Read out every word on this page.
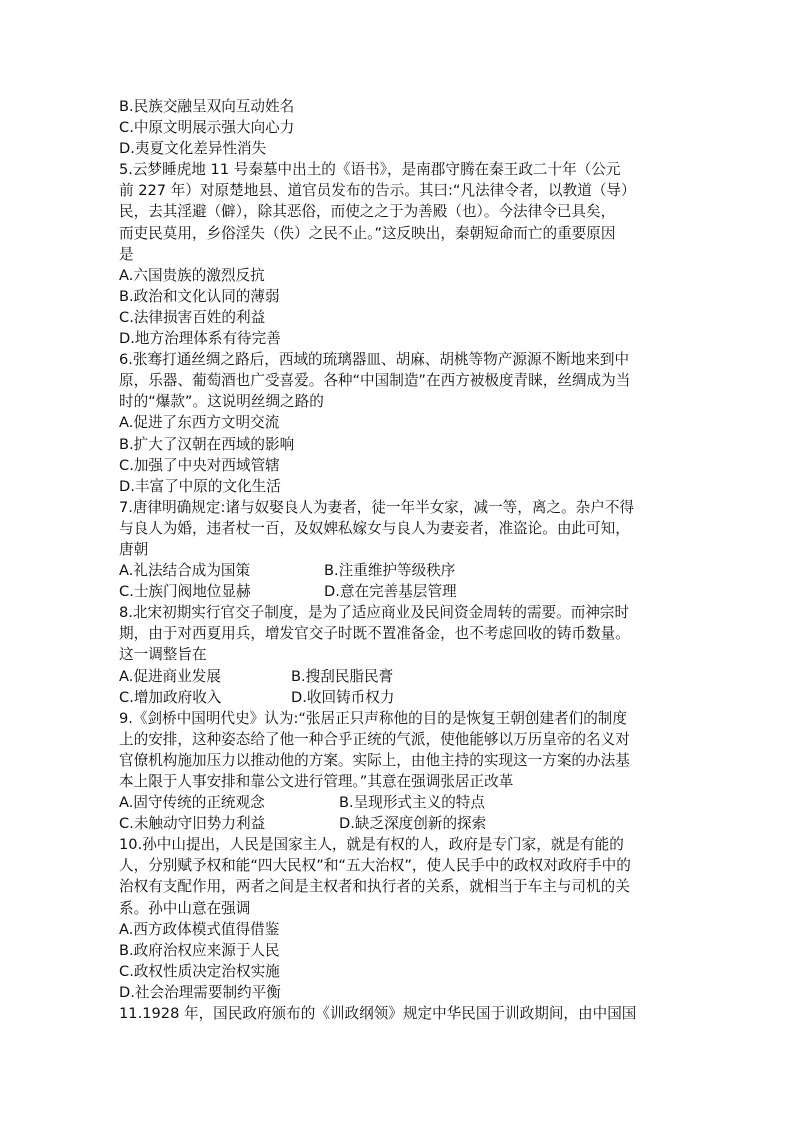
B.民族交融呈双向互动姓名
C.中原文明展示强大向心力
D.夷夏文化差异性消失
5.云梦睡虎地 11 号秦墓中出土的《语书》，是南郡守腾在秦王政二十年（公元
前 227 年）对原楚地县、道官员发布的告示。其曰:“凡法律令者，以教道（导）
民，去其淫避（僻），除其恶俗，而使之之于为善殿（也）。今法律令已具矣，
而吏民莫用，乡俗淫失（佚）之民不止。”这反映出，秦朝短命而亡的重要原因
是
A.六国贵族的激烈反抗
B.政治和文化认同的薄弱
C.法律损害百姓的利益
D.地方治理体系有待完善
6.张骞打通丝绸之路后，西域的琉璃器皿、胡麻、胡桃等物产源源不断地来到中
原，乐器、葡萄酒也广受喜爱。各种“中国制造”在西方被极度青睐，丝绸成为当
时的“爆款”。这说明丝绸之路的
A.促进了东西方文明交流
B.扩大了汉朝在西域的影响
C.加强了中央对西域管辖
D.丰富了中原的文化生活
7.唐律明确规定:诸与奴娶良人为妻者，徒一年半女家，减一等，离之。杂户不得
与良人为婚，违者杖一百，及奴婢私嫁女与良人为妻妾者，准盗论。由此可知，
唐朝
A.礼法结合成为国策	B.注重维护等级秩序
C.士族门阀地位显赫	D.意在完善基层管理
8.北宋初期实行官交子制度，是为了适应商业及民间资金周转的需要。而神宗时
期，由于对西夏用兵，增发官交子时既不置准备金，也不考虑回收的铸币数量。
这一调整旨在
A.促进商业发展	B.搜刮民脂民膏
C.增加政府收入	D.收回铸币权力
9.《剑桥中国明代史》认为:“张居正只声称他的目的是恢复王朝创建者们的制度
上的安排，这种姿态给了他一种合乎正统的气派，使他能够以万历皇帝的名义对
官僚机构施加压力以推动他的方案。实际上，由他主持的实现这一方案的办法基
本上限于人事安排和靠公文进行管理。”其意在强调张居正改革
A.固守传统的正统观念	B.呈现形式主义的特点
C.未触动守旧势力利益	D.缺乏深度创新的探索
10.孙中山提出，人民是国家主人，就是有权的人，政府是专门家，就是有能的
人，分别赋予权和能“四大民权”和“五大治权”，使人民手中的政权对政府手中的
治权有支配作用，两者之间是主权者和执行者的关系，就相当于车主与司机的关
系。孙中山意在强调
A.西方政体模式值得借鉴
B.政府治权应来源于人民
C.政权性质决定治权实施
D.社会治理需要制约平衡
11.1928 年，国民政府颁布的《训政纲领》规定中华民国于训政期间，由中国国
